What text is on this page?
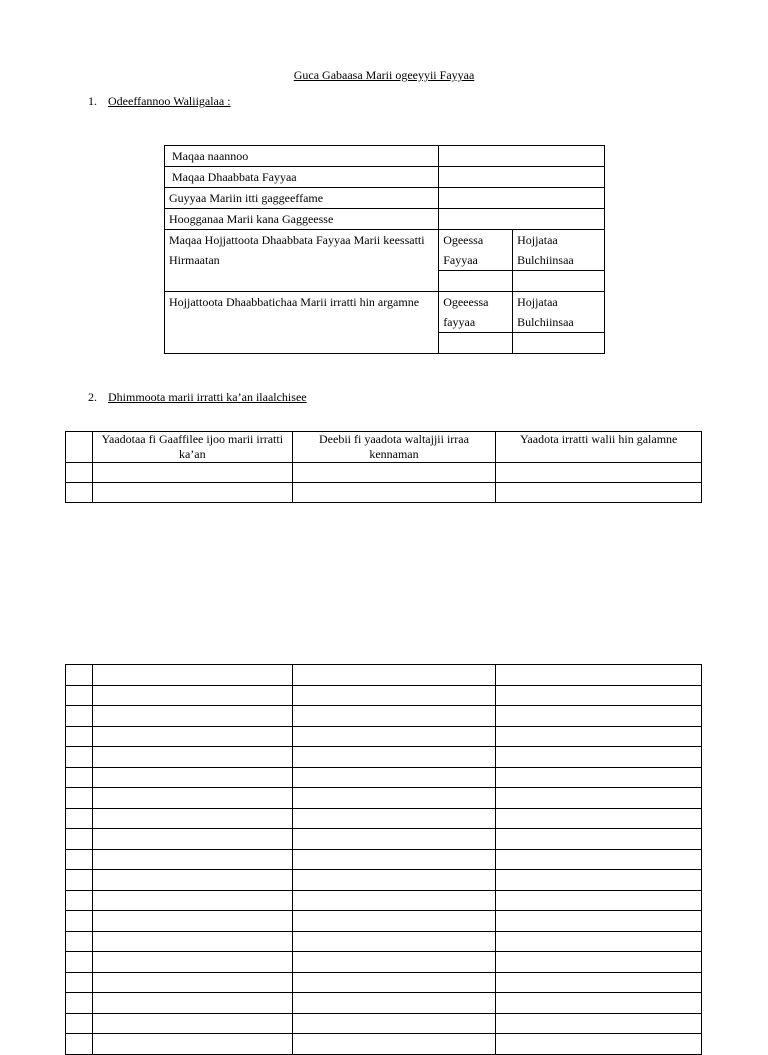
Guca Gabaasa Marii ogeeyyii Fayyaa
1. Odeeffannoo Waliigalaa :
Maqaa naannoo		
Maqaa Dhaabbata Fayyaa		
Guyyaa Mariin itti gaggeeffame		
Hoogganaa Marii kana Gaggeesse		
Maqaa Hojjattoota Dhaabbata Fayyaa Marii keessatti Hirmaatan	Ogeessa Fayyaa	Hojjataa Bulchiinsaa

Hojjattoota Dhaabbatichaa Marii irratti hin argamne	Ogeeessa fayyaa	Hojjataa Bulchiinsaa

2. Dhimmoota marii irratti ka’an ilaalchisee
	Yaadotaa fi Gaaffilee ijoo marii irratti ka’an	Deebii fi yaadota waltajjii irraa kennaman	Yaadota irratti walii hin galamne
